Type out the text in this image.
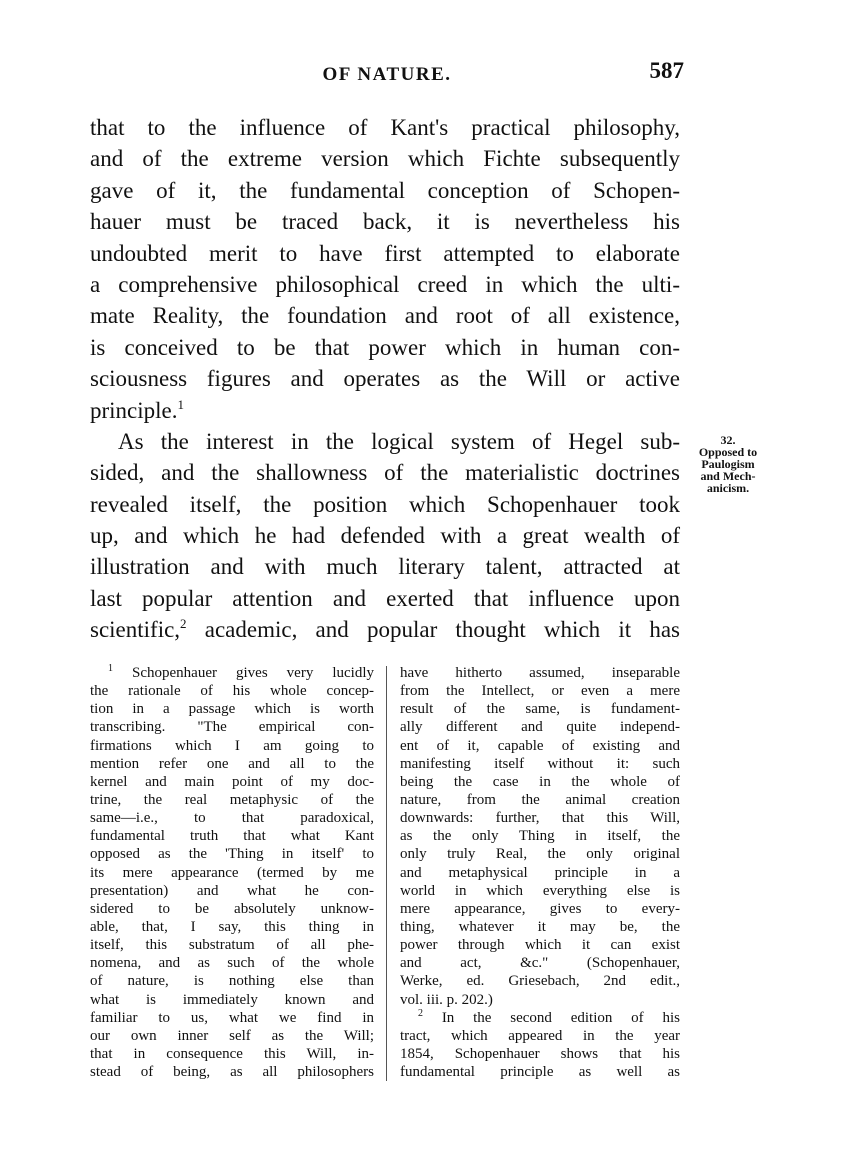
OF NATURE.	587
that to the influence of Kant's practical philosophy,
and of the extreme version which Fichte subsequently
gave of it, the fundamental conception of Schopen-
hauer must be traced back, it is nevertheless his
undoubted merit to have first attempted to elaborate
a comprehensive philosophical creed in which the ulti-
mate Reality, the foundation and root of all existence,
is conceived to be that power which in human con-
sciousness figures and operates as the Will or active
principle.$^1$
As the interest in the logical system of Hegel sub-
sided, and the shallowness of the materialistic doctrines
revealed itself, the position which Schopenhauer took
up, and which he had defended with a great wealth of
illustration and with much literary talent, attracted at
last popular attention and exerted that influence upon
scientific,$^2$ academic, and popular thought which it has
32.
Opposed to
Paulogism
and Mech-
anicism.
$^1$ Schopenhauer gives very lucidly
the rationale of his whole concep-
tion in a passage which is worth
transcribing. "The empirical con-
firmations which I am going to
mention refer one and all to the
kernel and main point of my doc-
trine, the real metaphysic of the
same—i.e., to that paradoxical,
fundamental truth that what Kant
opposed as the 'Thing in itself' to
its mere appearance (termed by me
presentation) and what he con-
sidered to be absolutely unknow-
able, that, I say, this thing in
itself, this substratum of all phe-
nomena, and as such of the whole
of nature, is nothing else than
what is immediately known and
familiar to us, what we find in
our own inner self as the Will;
that in consequence this Will, in-
stead of being, as all philosophers
have hitherto assumed, inseparable
from the Intellect, or even a mere
result of the same, is fundament-
ally different and quite independ-
ent of it, capable of existing and
manifesting itself without it: such
being the case in the whole of
nature, from the animal creation
downwards: further, that this Will,
as the only Thing in itself, the
only truly Real, the only original
and metaphysical principle in a
world in which everything else is
mere appearance, gives to every-
thing, whatever it may be, the
power through which it can exist
and act, &c." (Schopenhauer,
Werke, ed. Griesebach, 2nd edit.,
vol. iii. p. 202.)
$^2$ In the second edition of his
tract, which appeared in the year
1854, Schopenhauer shows that his
fundamental principle as well as
